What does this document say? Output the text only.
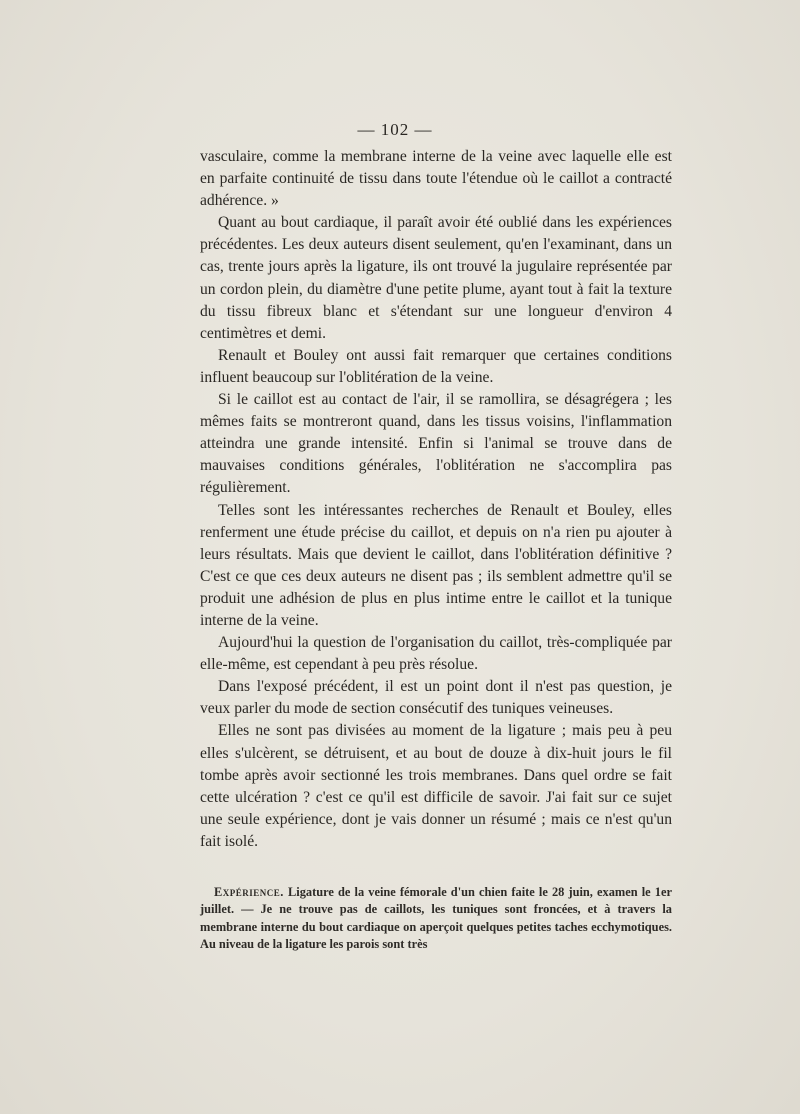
— 102 —

vasculaire, comme la membrane interne de la veine avec laquelle elle est en parfaite continuité de tissu dans toute l'étendue où le caillot a contracté adhérence. »

Quant au bout cardiaque, il paraît avoir été oublié dans les expériences précédentes. Les deux auteurs disent seulement, qu'en l'examinant, dans un cas, trente jours après la ligature, ils ont trouvé la jugulaire représentée par un cordon plein, du diamètre d'une petite plume, ayant tout à fait la texture du tissu fibreux blanc et s'étendant sur une longueur d'environ 4 centimètres et demi.

Renault et Bouley ont aussi fait remarquer que certaines conditions influent beaucoup sur l'oblitération de la veine.

Si le caillot est au contact de l'air, il se ramollira, se désagrégera ; les mêmes faits se montreront quand, dans les tissus voisins, l'inflammation atteindra une grande intensité. Enfin si l'animal se trouve dans de mauvaises conditions générales, l'oblitération ne s'accomplira pas régulièrement.

Telles sont les intéressantes recherches de Renault et Bouley, elles renferment une étude précise du caillot, et depuis on n'a rien pu ajouter à leurs résultats. Mais que devient le caillot, dans l'oblitération définitive ? C'est ce que ces deux auteurs ne disent pas ; ils semblent admettre qu'il se produit une adhésion de plus en plus intime entre le caillot et la tunique interne de la veine.

Aujourd'hui la question de l'organisation du caillot, très-compliquée par elle-même, est cependant à peu près résolue.

Dans l'exposé précédent, il est un point dont il n'est pas question, je veux parler du mode de section consécutif des tuniques veineuses.

Elles ne sont pas divisées au moment de la ligature ; mais peu à peu elles s'ulcèrent, se détruisent, et au bout de douze à dix-huit jours le fil tombe après avoir sectionné les trois membranes. Dans quel ordre se fait cette ulcération ? c'est ce qu'il est difficile de savoir. J'ai fait sur ce sujet une seule expérience, dont je vais donner un résumé ; mais ce n'est qu'un fait isolé.

Expérience. Ligature de la veine fémorale d'un chien faite le 28 juin, examen le 1er juillet. — Je ne trouve pas de caillots, les tuniques sont froncées, et à travers la membrane interne du bout cardiaque on aperçoit quelques petites taches ecchymotiques. Au niveau de la ligature les parois sont très
